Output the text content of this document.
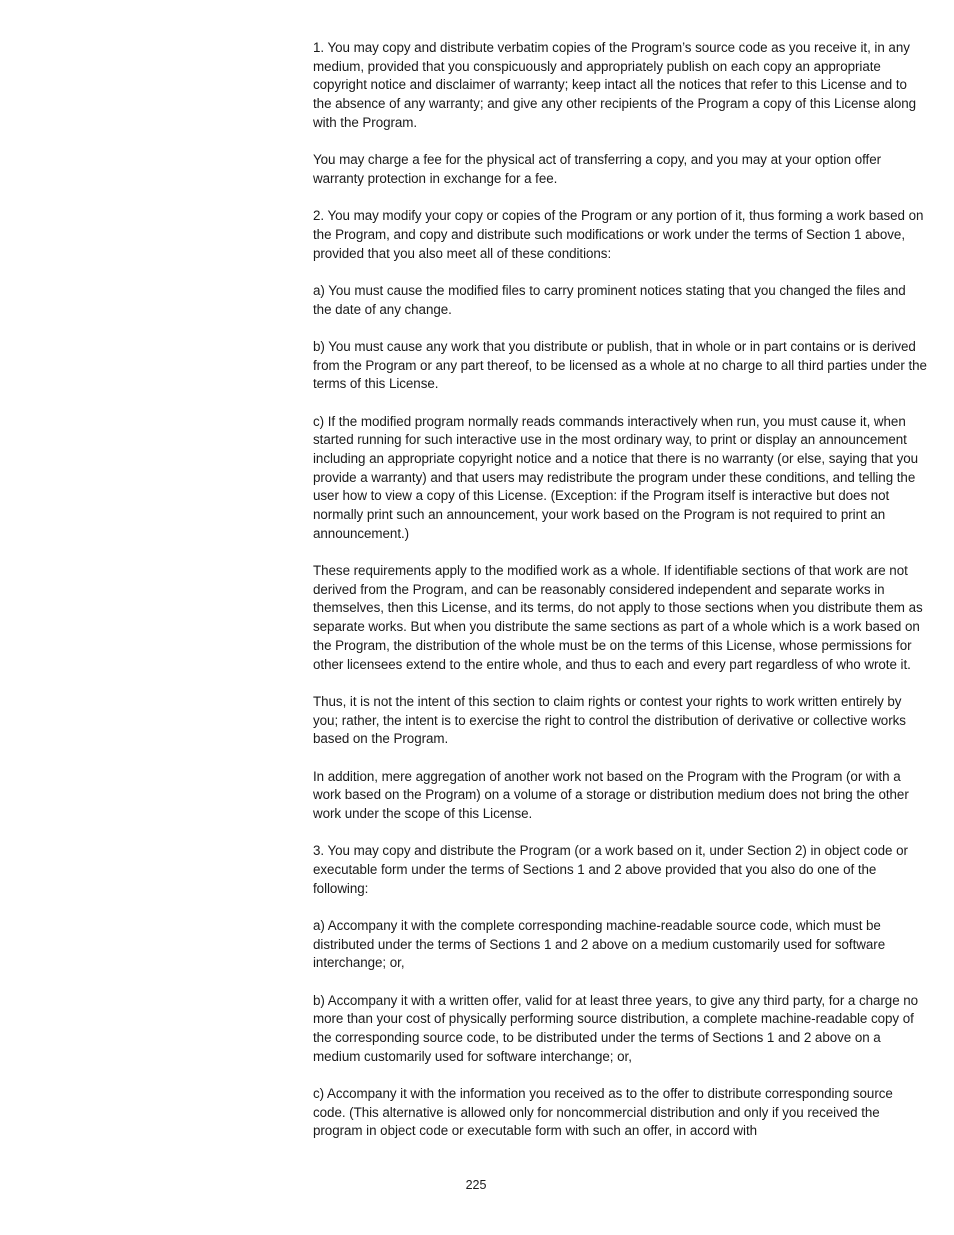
1. You may copy and distribute verbatim copies of the Program’s source code as you receive it, in any medium, provided that you conspicuously and appropriately publish on each copy an appropriate copyright notice and disclaimer of warranty; keep intact all the notices that refer to this License and to the absence of any warranty; and give any other recipients of the Program a copy of this License along with the Program.

You may charge a fee for the physical act of transferring a copy, and you may at your option offer warranty protection in exchange for a fee.

2. You may modify your copy or copies of the Program or any portion of it, thus forming a work based on the Program, and copy and distribute such modifications or work under the terms of Section 1 above, provided that you also meet all of these conditions:

a) You must cause the modified files to carry prominent notices stating that you changed the files and the date of any change.

b) You must cause any work that you distribute or publish, that in whole or in part contains or is derived from the Program or any part thereof, to be licensed as a whole at no charge to all third parties under the terms of this License.

c) If the modified program normally reads commands interactively when run, you must cause it, when started running for such interactive use in the most ordinary way, to print or display an announcement including an appropriate copyright notice and a notice that there is no warranty (or else, saying that you provide a warranty) and that users may redistribute the program under these conditions, and telling the user how to view a copy of this License. (Exception: if the Program itself is interactive but does not normally print such an announcement, your work based on the Program is not required to print an announcement.)

These requirements apply to the modified work as a whole. If identifiable sections of that work are not derived from the Program, and can be reasonably considered independent and separate works in themselves, then this License, and its terms, do not apply to those sections when you distribute them as separate works. But when you distribute the same sections as part of a whole which is a work based on the Program, the distribution of the whole must be on the terms of this License, whose permissions for other licensees extend to the entire whole, and thus to each and every part regardless of who wrote it.

Thus, it is not the intent of this section to claim rights or contest your rights to work written entirely by you; rather, the intent is to exercise the right to control the distribution of derivative or collective works based on the Program.

In addition, mere aggregation of another work not based on the Program with the Program (or with a work based on the Program) on a volume of a storage or distribution medium does not bring the other work under the scope of this License.

3. You may copy and distribute the Program (or a work based on it, under Section 2) in object code or executable form under the terms of Sections 1 and 2 above provided that you also do one of the following:

a) Accompany it with the complete corresponding machine-readable source code, which must be distributed under the terms of Sections 1 and 2 above on a medium customarily used for software interchange; or,

b) Accompany it with a written offer, valid for at least three years, to give any third party, for a charge no more than your cost of physically performing source distribution, a complete machine-readable copy of the corresponding source code, to be distributed under the terms of Sections 1 and 2 above on a medium customarily used for software interchange; or,

c) Accompany it with the information you received as to the offer to distribute corresponding source code. (This alternative is allowed only for noncommercial distribution and only if you received the program in object code or executable form with such an offer, in accord with

225
